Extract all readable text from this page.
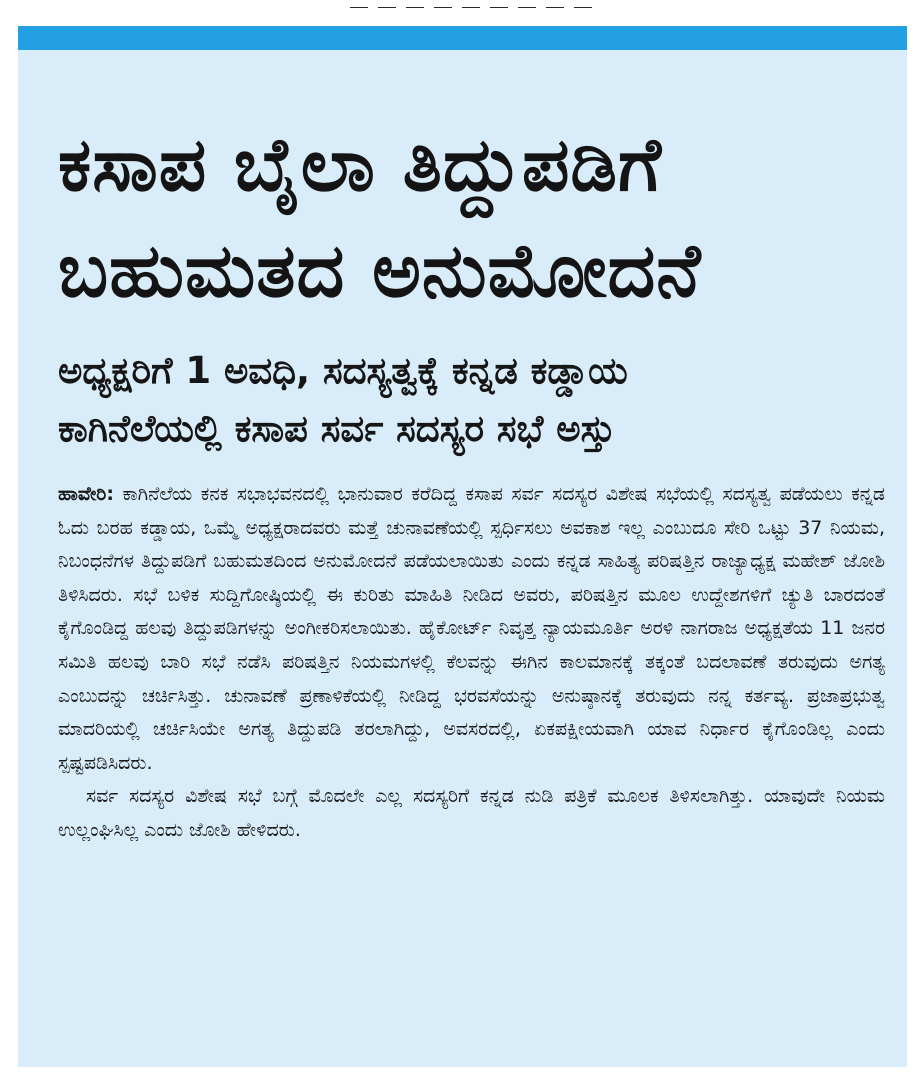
ಕಸಾಪ ಬೈಲಾ ತಿದ್ದುಪಡಿಗೆ
ಬಹುಮತದ ಅನುಮೋದನೆ
ಅಧ್ಯಕ್ಷರಿಗೆ 1 ಅವಧಿ, ಸದಸ್ಯತ್ವಕ್ಕೆ ಕನ್ನಡ ಕಡ್ಡಾಯ
ಕಾಗಿನೆಲೆಯಲ್ಲಿ ಕಸಾಪ ಸರ್ವ ಸದಸ್ಯರ ಸಭೆ ಅಸ್ತು

ಹಾವೇರಿ: ಕಾಗಿನೆಲೆಯ ಕನಕ ಸಭಾಭವನದಲ್ಲಿ ಭಾನುವಾರ ಕರೆದಿದ್ದ ಕಸಾಪ ಸರ್ವ ಸದಸ್ಯರ ವಿಶೇಷ ಸಭೆಯಲ್ಲಿ ಸದಸ್ಯತ್ವ ಪಡೆಯಲು ಕನ್ನಡ ಓದು ಬರಹ ಕಡ್ಡಾಯ, ಒಮ್ಮೆ ಅಧ್ಯಕ್ಷರಾದವರು ಮತ್ತೆ ಚುನಾವಣೆಯಲ್ಲಿ ಸ್ಪರ್ಧಿಸಲು ಅವಕಾಶ ಇಲ್ಲ ಎಂಬುದೂ ಸೇರಿ ಒಟ್ಟು 37 ನಿಯಮ, ನಿಬಂಧನೆಗಳ ತಿದ್ದುಪಡಿಗೆ ಬಹುಮತದಿಂದ ಅನುಮೋದನೆ ಪಡೆಯಲಾಯಿತು ಎಂದು ಕನ್ನಡ ಸಾಹಿತ್ಯ ಪರಿಷತ್ತಿನ ರಾಜ್ಯಾಧ್ಯಕ್ಷ ಮಹೇಶ್ ಜೋಶಿ ತಿಳಿಸಿದರು. ಸಭೆ ಬಳಿಕ ಸುದ್ದಿಗೋಷ್ಠಿಯಲ್ಲಿ ಈ ಕುರಿತು ಮಾಹಿತಿ ನೀಡಿದ ಅವರು, ಪರಿಷತ್ತಿನ ಮೂಲ ಉದ್ದೇಶಗಳಿಗೆ ಚ್ಯುತಿ ಬಾರದಂತೆ ಕೈಗೊಂಡಿದ್ದ ಹಲವು ತಿದ್ದುಪಡಿಗಳನ್ನು ಅಂಗೀಕರಿಸಲಾಯಿತು. ಹೈಕೋರ್ಟ್ ನಿವೃತ್ತ ನ್ಯಾಯಮೂರ್ತಿ ಅರಳಿ ನಾಗರಾಜ ಅಧ್ಯಕ್ಷತೆಯ 11 ಜನರ ಸಮಿತಿ ಹಲವು ಬಾರಿ ಸಭೆ ನಡೆಸಿ ಪರಿಷತ್ತಿನ ನಿಯಮಗಳಲ್ಲಿ ಕೆಲವನ್ನು ಈಗಿನ ಕಾಲಮಾನಕ್ಕೆ ತಕ್ಕಂತೆ ಬದಲಾವಣೆ ತರುವುದು ಅಗತ್ಯ ಎಂಬುದನ್ನು ಚರ್ಚಿಸಿತ್ತು. ಚುನಾವಣೆ ಪ್ರಣಾಳಿಕೆಯಲ್ಲಿ ನೀಡಿದ್ದ ಭರವಸೆಯನ್ನು ಅನುಷ್ಠಾನಕ್ಕೆ ತರುವುದು ನನ್ನ ಕರ್ತವ್ಯ. ಪ್ರಜಾಪ್ರಭುತ್ವ ಮಾದರಿಯಲ್ಲಿ ಚರ್ಚಿಸಿಯೇ ಅಗತ್ಯ ತಿದ್ದುಪಡಿ ತರಲಾಗಿದ್ದು, ಅವಸರದಲ್ಲಿ, ಏಕಪಕ್ಷೀಯವಾಗಿ ಯಾವ ನಿರ್ಧಾರ ಕೈಗೊಂಡಿಲ್ಲ ಎಂದು ಸ್ಪಷ್ಟಪಡಿಸಿದರು.

ಸರ್ವ ಸದಸ್ಯರ ವಿಶೇಷ ಸಭೆ ಬಗ್ಗೆ ಮೊದಲೇ ಎಲ್ಲ ಸದಸ್ಯರಿಗೆ ಕನ್ನಡ ನುಡಿ ಪತ್ರಿಕೆ ಮೂಲಕ ತಿಳಿಸಲಾಗಿತ್ತು. ಯಾವುದೇ ನಿಯಮ ಉಲ್ಲಂಘಿಸಿಲ್ಲ ಎಂದು ಜೋಶಿ ಹೇಳಿದರು.
